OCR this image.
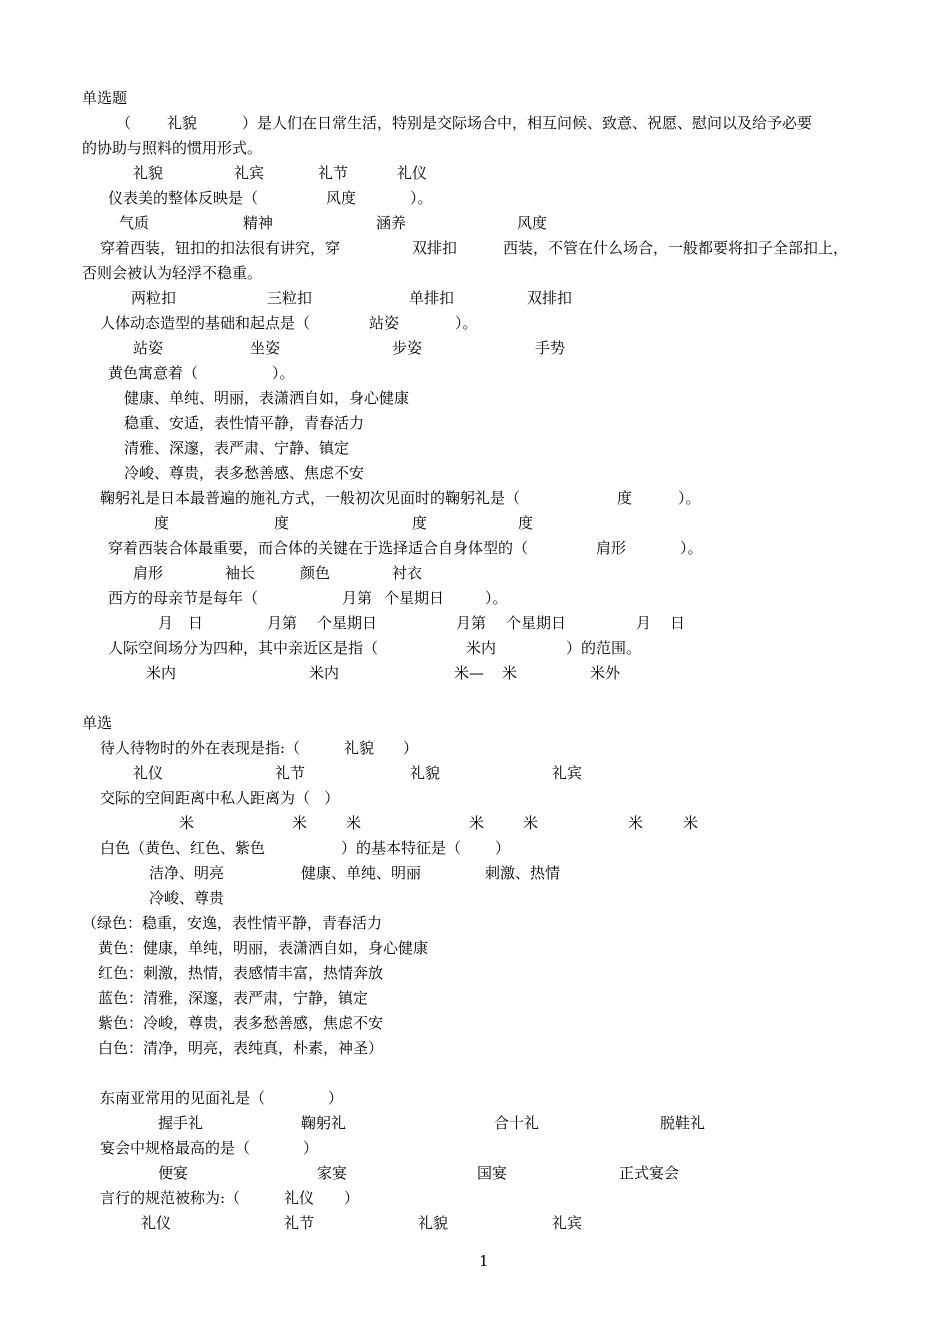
单选题
（ 礼貌	）是人们在日常生活，特别是交际场合中，相互问候、致意、祝愿、慰问以及给予必要
的协助与照料的惯用形式。
礼貌	礼宾	礼节	礼仪
仪表美的整体反映是（	风度	）。
气质	精神	涵养	风度
穿着西装，钮扣的扣法很有讲究，穿	双排扣	西装，不管在什么场合，一般都要将扣子全部扣上，
否则会被认为轻浮不稳重。
两粒扣	三粒扣	单排扣	双排扣
人体动态造型的基础和起点是（	站姿	）。
站姿	坐姿	步姿	手势
黄色寓意着（	）。
健康、单纯、明丽，表潇洒自如，身心健康
稳重、安适，表性情平静，青春活力
清雅、深邃，表严肃、宁静、镇定
冷峻、尊贵，表多愁善感、焦虑不安
鞠躬礼是日本最普遍的施礼方式，一般初次见面时的鞠躬礼是（	度	）。
度	度	度	度
穿着西装合体最重要，而合体的关键在于选择适合自身体型的（	肩形	）。
肩形	袖长	颜色	衬衣
西方的母亲节是每年（	月第 个星期日	）。
月 日	月第 个星期日	月第 个星期日	月 日
人际空间场分为四种，其中亲近区是指（	米内	）的范围。
米内	米内	米— 米	米外
单选
待人待物时的外在表现是指:（	礼貌 ）
礼仪	礼节	礼貌	礼宾
交际的空间距离中私人距离为（   ）
米	米	米	米	米	米	米
白色（黄色、红色、紫色	）的基本特征是（ ）
洁净、明亮	健康、单纯、明丽	刺激、热情
冷峻、尊贵
（绿色：稳重，安逸，表性情平静，青春活力
黄色：健康，单纯，明丽，表潇洒自如，身心健康
红色：刺激，热情，表感情丰富，热情奔放
蓝色：清雅，深邃，表严肃，宁静，镇定
紫色：冷峻，尊贵，表多愁善感，焦虑不安
白色：清净，明亮，表纯真，朴素，神圣）
东南亚常用的见面礼是（	）
握手礼	鞠躬礼	合十礼	脱鞋礼
宴会中规格最高的是（	）
便宴	家宴	国宴	正式宴会
言行的规范被称为:（	礼仪 ）
礼仪	礼节	礼貌	礼宾
1
